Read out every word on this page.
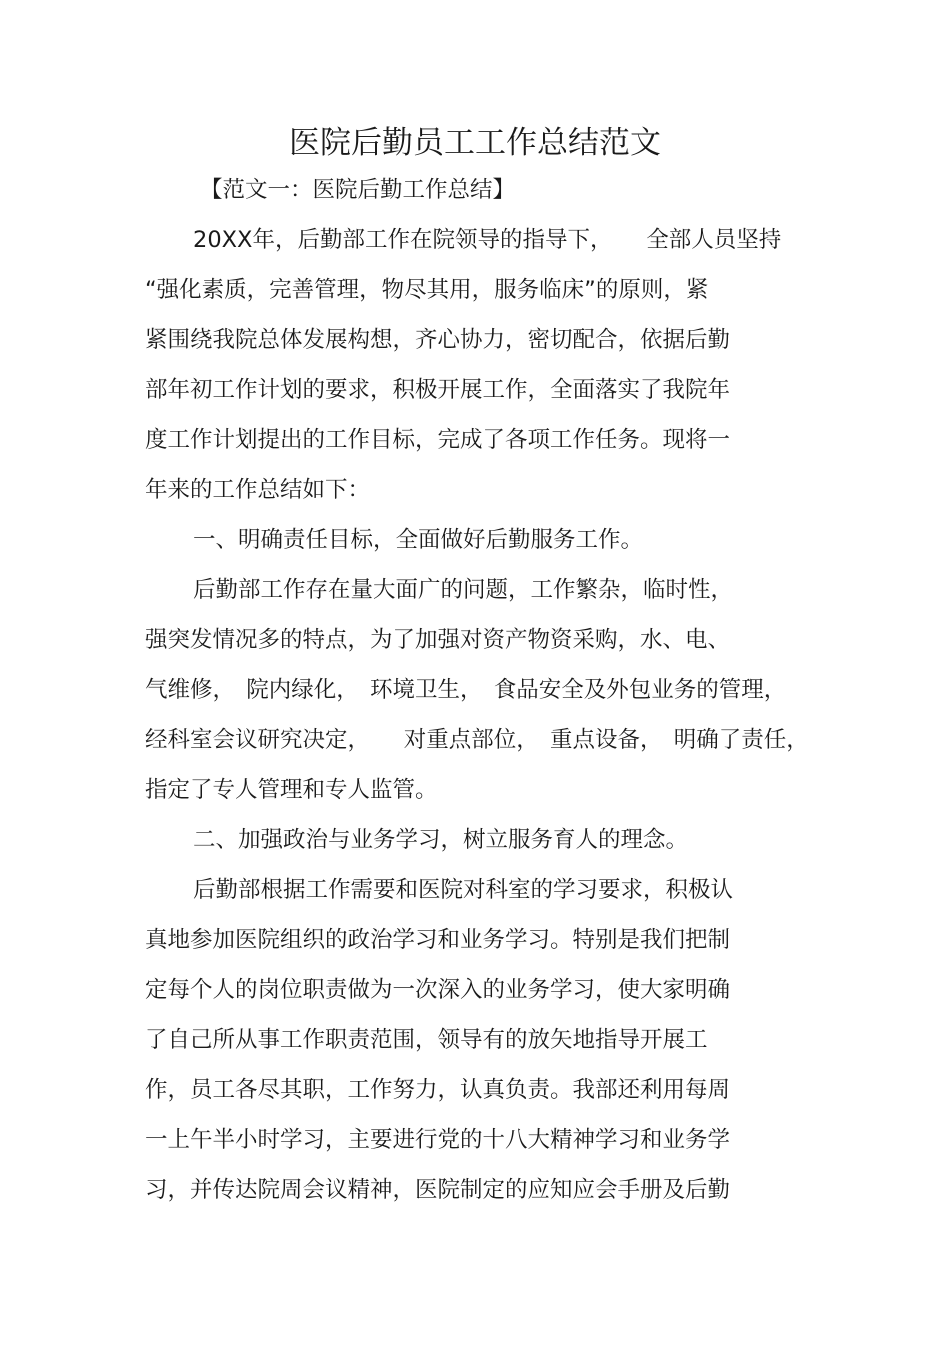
医院后勤员工工作总结范文

【范文一：医院后勤工作总结】

20XX年，后勤部工作在院领导的指导下，　　全部人员坚持

“强化素质，完善管理，物尽其用，服务临床”的原则，紧

紧围绕我院总体发展构想，齐心协力，密切配合，依据后勤

部年初工作计划的要求，积极开展工作，全面落实了我院年

度工作计划提出的工作目标，完成了各项工作任务。现将一

年来的工作总结如下：

一、明确责任目标，全面做好后勤服务工作。

后勤部工作存在量大面广的问题，工作繁杂，临时性，

强突发情况多的特点，为了加强对资产物资采购，水、电、

气维修，　院内绿化，　环境卫生，　食品安全及外包业务的管理，

经科室会议研究决定，　　对重点部位，　重点设备，　明确了责任，

指定了专人管理和专人监管。

二、加强政治与业务学习，树立服务育人的理念。

后勤部根据工作需要和医院对科室的学习要求，积极认

真地参加医院组织的政治学习和业务学习。特别是我们把制

定每个人的岗位职责做为一次深入的业务学习，使大家明确

了自己所从事工作职责范围，领导有的放矢地指导开展工

作，员工各尽其职，工作努力，认真负责。我部还利用每周

一上午半小时学习，主要进行党的十八大精神学习和业务学

习，并传达院周会议精神，医院制定的应知应会手册及后勤
